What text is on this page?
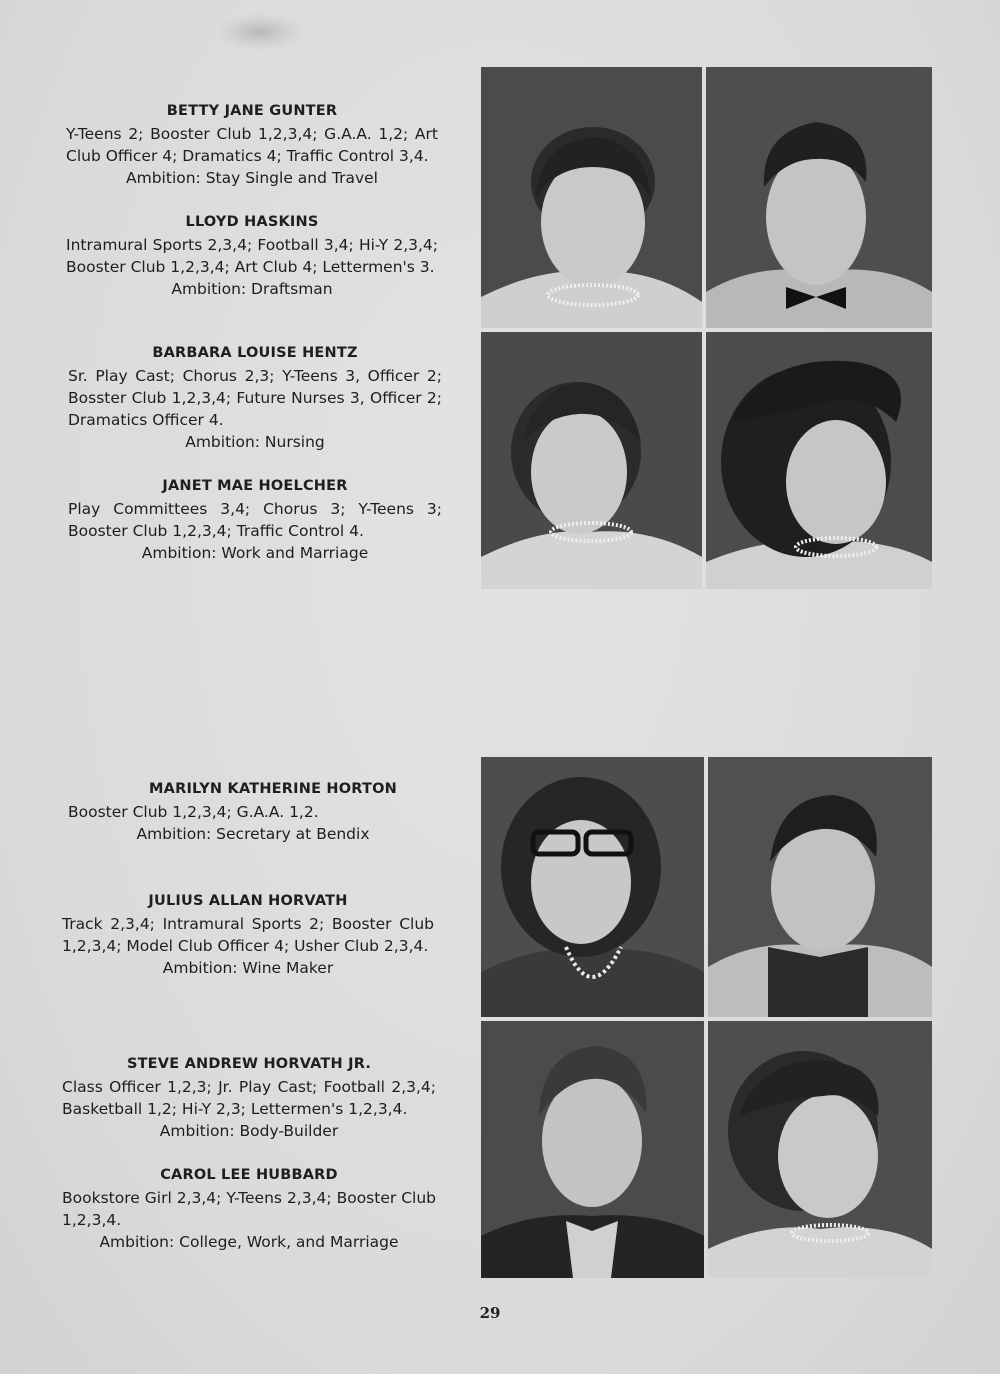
BETTY JANE GUNTER
Y-Teens 2; Booster Club 1,2,3,4; G.A.A. 1,2; Art Club Officer 4; Dramatics 4; Traffic Control 3,4.
Ambition: Stay Single and Travel
LLOYD HASKINS
Intramural Sports 2,3,4; Football 3,4; Hi-Y 2,3,4; Booster Club 1,2,3,4; Art Club 4; Lettermen's 3.
Ambition: Draftsman
BARBARA LOUISE HENTZ
Sr. Play Cast; Chorus 2,3; Y-Teens 3, Officer 2; Bosster Club 1,2,3,4; Future Nurses 3, Officer 2; Dramatics Officer 4.
Ambition: Nursing
JANET MAE HOELCHER
Play Committees 3,4; Chorus 3; Y-Teens 3; Booster Club 1,2,3,4; Traffic Control 4.
Ambition: Work and Marriage
MARILYN KATHERINE HORTON
Booster Club 1,2,3,4; G.A.A. 1,2.
Ambition: Secretary at Bendix
JULIUS ALLAN HORVATH
Track 2,3,4; Intramural Sports 2; Booster Club 1,2,3,4; Model Club Officer 4; Usher Club 2,3,4.
Ambition: Wine Maker
STEVE ANDREW HORVATH JR.
Class Officer 1,2,3; Jr. Play Cast; Football 2,3,4; Basketball 1,2; Hi-Y 2,3; Lettermen's 1,2,3,4.
Ambition: Body-Builder
CAROL LEE HUBBARD
Bookstore Girl 2,3,4; Y-Teens 2,3,4; Booster Club 1,2,3,4.
Ambition: College, Work, and Marriage
29
